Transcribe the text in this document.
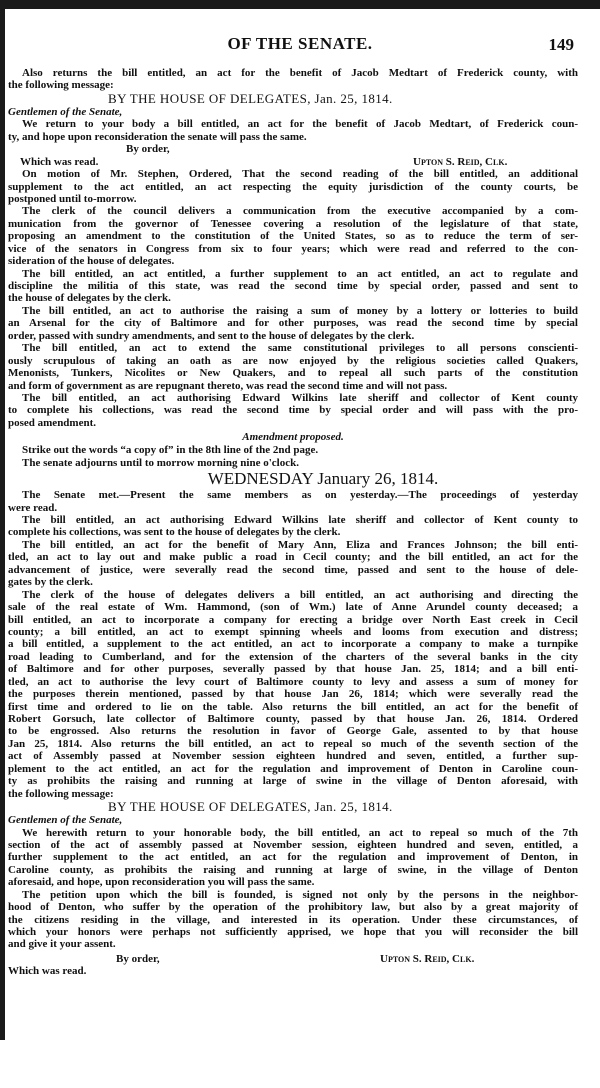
OF THE SENATE.	149
Also returns the bill entitled, an act for the benefit of Jacob Medtart of Frederick county, with
the following message:
BY THE HOUSE OF DELEGATES, Jan. 25, 1814.
Gentlemen of the Senate,
We return to your body a bill entitled, an act for the benefit of Jacob Medtart, of Frederick coun-
ty, and hope upon reconsideration the senate will pass the same.
By order,
Which was read.	Upton S. Reid, Clk.
On motion of Mr. Stephen, Ordered, That the second reading of the bill entitled, an additional
supplement to the act entitled, an act respecting the equity jurisdiction of the county courts, be
postponed until to-morrow.
The clerk of the council delivers a communication from the executive accompanied by a com-
munication from the governor of Tenessee covering a resolution of the legislature of that state,
proposing an amendment to the constitution of the United States, so as to reduce the term of ser-
vice of the senators in Congress from six to four years; which were read and referred to the con-
sideration of the house of delegates.
The bill entitled, an act entitled, a further supplement to an act entitled, an act to regulate and
discipline the militia of this state, was read the second time by special order, passed and sent to
the house of delegates by the clerk.
The bill entitled, an act to authorise the raising a sum of money by a lottery or lotteries to build
an Arsenal for the city of Baltimore and for other purposes, was read the second time by special
order, passed with sundry amendments, and sent to the house of delegates by the clerk.
The bill entitled, an act to extend the same constitutional privileges to all persons conscienti-
ously scrupulous of taking an oath as are now enjoyed by the religious societies called Quakers,
Menonists, Tunkers, Nicolites or New Quakers, and to repeal all such parts of the constitution
and form of government as are repugnant thereto, was read the second time and will not pass.
The bill entitled, an act authorising Edward Wilkins late sheriff and collector of Kent county
to complete his collections, was read the second time by special order and will pass with the pro-
posed amendment.
Amendment proposed.
Strike out the words “a copy of” in the 8th line of the 2nd page.
The senate adjourns until to morrow morning nine o'clock.
WEDNESDAY January 26, 1814.
The Senate met.—Present the same members as on yesterday.—The proceedings of yesterday
were read.
The bill entitled, an act authorising Edward Wilkins late sheriff and collector of Kent county to
complete his collections, was sent to the house of delegates by the clerk.
The bill entitled, an act for the benefit of Mary Ann, Eliza and Frances Johnson; the bill enti-
tled, an act to lay out and make public a road in Cecil county; and the bill entitled, an act for the
advancement of justice, were severally read the second time, passed and sent to the house of dele-
gates by the clerk.
The clerk of the house of delegates delivers a bill entitled, an act authorising and directing the
sale of the real estate of Wm. Hammond, (son of Wm.) late of Anne Arundel county deceased; a
bill entitled, an act to incorporate a company for erecting a bridge over North East creek in Cecil
county; a bill entitled, an act to exempt spinning wheels and looms from execution and distress;
a bill entitled, a supplement to the act entitled, an act to incorporate a company to make a turnpike
road leading to Cumberland, and for the extension of the charters of the several banks in the city
of Baltimore and for other purposes, severally passed by that house Jan. 25, 1814; and a bill enti-
tled, an act to authorise the levy court of Baltimore county to levy and assess a sum of money for
the purposes therein mentioned, passed by that house Jan 26, 1814; which were severally read the
first time and ordered to lie on the table. Also returns the bill entitled, an act for the benefit of
Robert Gorsuch, late collector of Baltimore county, passed by that house Jan. 26, 1814. Ordered
to be engrossed. Also returns the resolution in favor of George Gale, assented to by that house
Jan 25, 1814. Also returns the bill entitled, an act to repeal so much of the seventh section of the
act of Assembly passed at November session eighteen hundred and seven, entitled, a further sup-
plement to the act entitled, an act for the regulation and improvement of Denton in Caroline coun-
ty as prohibits the raising and running at large of swine in the village of Denton aforesaid, with
the following message:
BY THE HOUSE OF DELEGATES, Jan. 25, 1814.
Gentlemen of the Senate,
We herewith return to your honorable body, the bill entitled, an act to repeal so much of the 7th
section of the act of assembly passed at November session, eighteen hundred and seven, entitled, a
further supplement to the act entitled, an act for the regulation and improvement of Denton, in
Caroline county, as prohibits the raising and running at large of swine, in the village of Denton
aforesaid, and hope, upon reconsideration you will pass the same.
The petition upon which the bill is founded, is signed not only by the persons in the neighbor-
hood of Denton, who suffer by the operation of the prohibitory law, but also by a great majority of
the citizens residing in the village, and interested in its operation. Under these circumstances, of
which your honors were perhaps not sufficiently apprised, we hope that you will reconsider the bill
and give it your assent.
By order,	Upton S. Reid, Clk.
Which was read.
